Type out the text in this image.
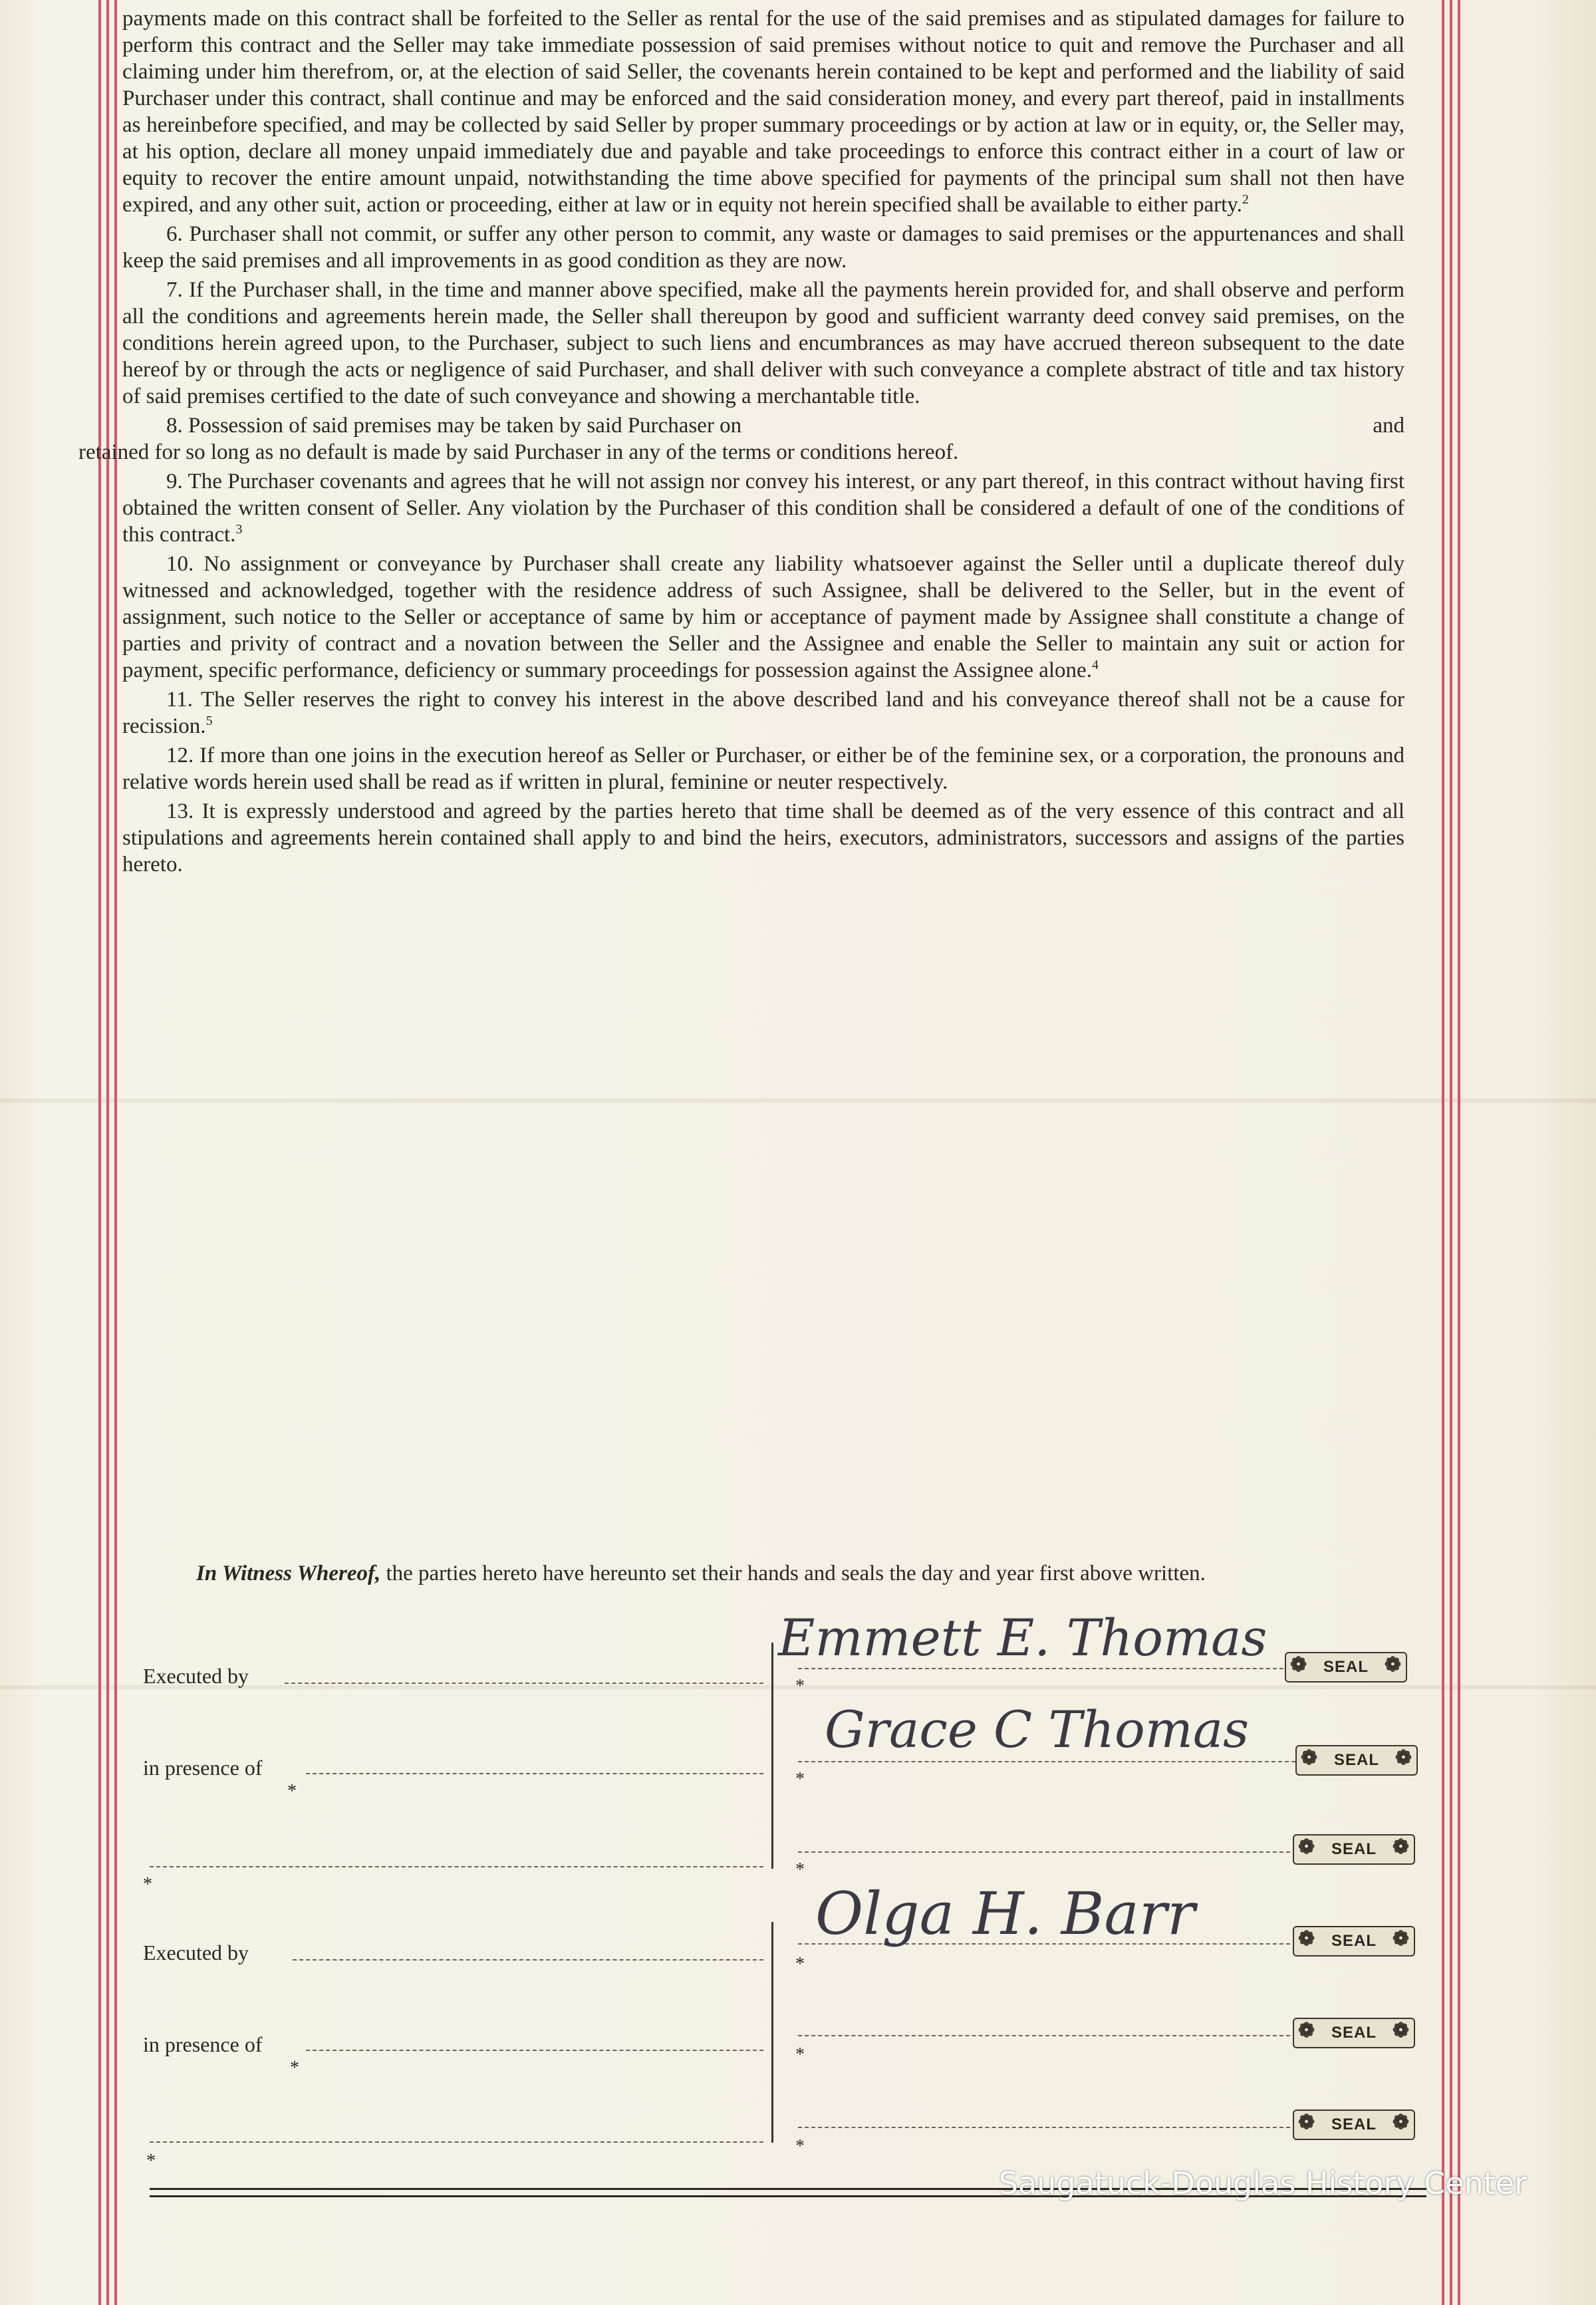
payments made on this contract shall be forfeited to the Seller as rental for the use of the said premises and as stipulated damages for failure to perform this contract and the Seller may take immediate possession of said premises without notice to quit and remove the Purchaser and all claiming under him therefrom, or, at the election of said Seller, the covenants herein contained to be kept and performed and the liability of said Purchaser under this contract, shall continue and may be enforced and the said consideration money, and every part thereof, paid in installments as hereinbefore specified, and may be collected by said Seller by proper summary proceedings or by action at law or in equity, or, the Seller may, at his option, declare all money unpaid immediately due and payable and take proceedings to enforce this contract either in a court of law or equity to recover the entire amount unpaid, notwithstanding the time above specified for payments of the principal sum shall not then have expired, and any other suit, action or proceeding, either at law or in equity not herein specified shall be available to either party.$^2$

6. Purchaser shall not commit, or suffer any other person to commit, any waste or damages to said premises or the appurtenances and shall keep the said premises and all improvements in as good condition as they are now.

7. If the Purchaser shall, in the time and manner above specified, make all the payments herein provided for, and shall observe and perform all the conditions and agreements herein made, the Seller shall thereupon by good and sufficient warranty deed convey said premises, on the conditions herein agreed upon, to the Purchaser, subject to such liens and encumbrances as may have accrued thereon subsequent to the date hereof by or through the acts or negligence of said Purchaser, and shall deliver with such conveyance a complete abstract of title and tax history of said premises certified to the date of such conveyance and showing a merchantable title.

8. Possession of said premises may be taken by said Purchaser on	and

retained for so long as no default is made by said Purchaser in any of the terms or conditions hereof.

9. The Purchaser covenants and agrees that he will not assign nor convey his interest, or any part thereof, in this contract without having first obtained the written consent of Seller. Any violation by the Purchaser of this condition shall be considered a default of one of the conditions of this contract.$^3$

10. No assignment or conveyance by Purchaser shall create any liability whatsoever against the Seller until a duplicate thereof duly witnessed and acknowledged, together with the residence address of such Assignee, shall be delivered to the Seller, but in the event of assignment, such notice to the Seller or acceptance of same by him or acceptance of payment made by Assignee shall constitute a change of parties and privity of contract and a novation between the Seller and the Assignee and enable the Seller to maintain any suit or action for payment, specific performance, deficiency or summary proceedings for possession against the Assignee alone.$^4$

11. The Seller reserves the right to convey his interest in the above described land and his conveyance thereof shall not be a cause for recission.$^5$

12. If more than one joins in the execution hereof as Seller or Purchaser, or either be of the feminine sex, or a corporation, the pronouns and relative words herein used shall be read as if written in plural, feminine or neuter respectively.

13. It is expressly understood and agreed by the parties hereto that time shall be deemed as of the very essence of this contract and all stipulations and agreements herein contained shall apply to and bind the heirs, executors, administrators, successors and assigns of the parties hereto.

In Witness Whereof, the parties hereto have hereunto set their hands and seals the day and year first above written.
Executed by
in presence of
*
*
Executed by
in presence of
*
*
Emmett E. Thomas	❁ SEAL ❁
*
Grace C Thomas
❁ SEAL ❁
*
❁ SEAL ❁
*
Olga H. Barr	❁ SEAL ❁
*
❁ SEAL ❁
*
❁ SEAL ❁
*
Saugatuck-Douglas History Center
